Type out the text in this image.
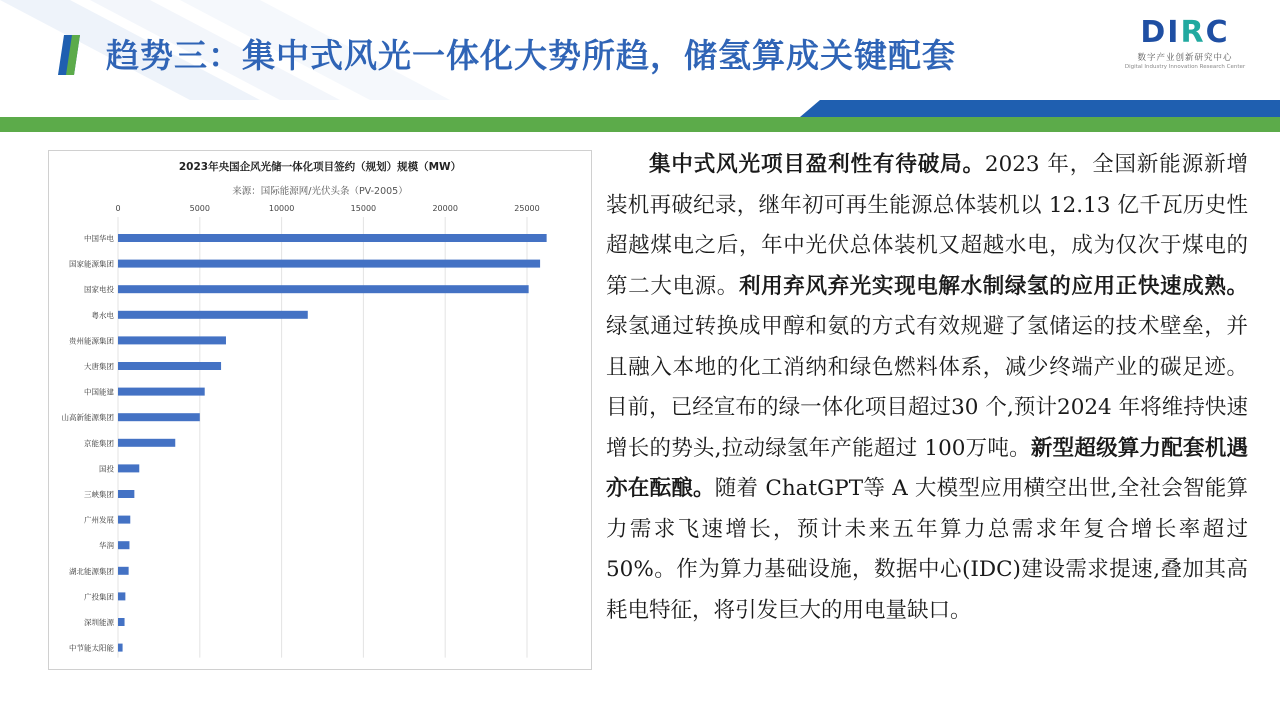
趋势三：集中式风光一体化大势所趋，储氢算成关键配套
DIRC
数字产业创新研究中心
Digital Industry Innovation Research Center
2023年央国企风光储一体化项目签约（规划）规模（MW）
来源：国际能源网/光伏头条（PV-2005）
0	5000	10000	15000	20000	25000
中国华电
国家能源集团
国家电投
粤水电
贵州能源集团
大唐集团
中国能建
山高新能源集团
京能集团
国投
三峡集团
广州发展
华润
湖北能源集团
广投集团
深圳能源
中节能太阳能
集中式风光项目盈利性有待破局。2023 年，全国新能源新增装机再破纪录，继年初可再生能源总体装机以 12.13 亿千瓦历史性超越煤电之后，年中光伏总体装机又超越水电，成为仅次于煤电的第二大电源。利用弃风弃光实现电解水制绿氢的应用正快速成熟。绿氢通过转换成甲醇和氨的方式有效规避了氢储运的技术壁垒，并且融入本地的化工消纳和绿色燃料体系，减少终端产业的碳足迹。目前，已经宣布的绿一体化项目超过30 个,预计2024 年将维持快速增长的势头,拉动绿氢年产能超过 100万吨。新型超级算力配套机遇亦在酝酿。随着 ChatGPT等 A 大模型应用横空出世,全社会智能算力需求飞速增长，预计未来五年算力总需求年复合增长率超过50%。作为算力基础设施，数据中心(IDC)建设需求提速,叠加其高耗电特征，将引发巨大的用电量缺口。
